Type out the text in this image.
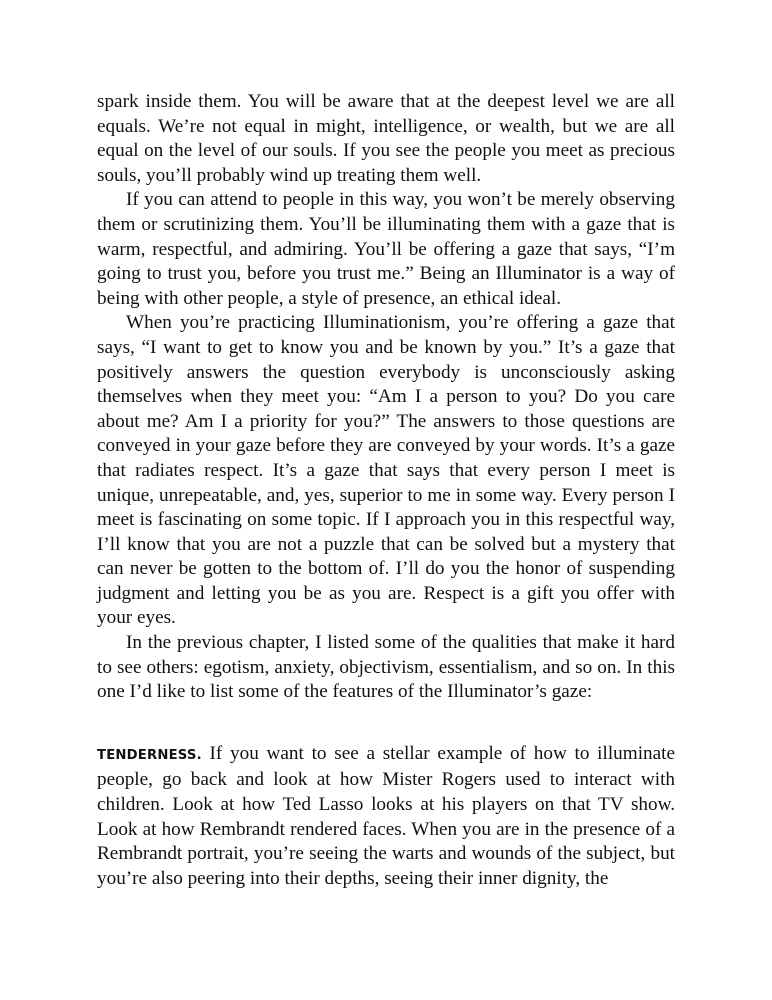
spark inside them. You will be aware that at the deepest level we are all equals. We’re not equal in might, intelligence, or wealth, but we are all equal on the level of our souls. If you see the people you meet as precious souls, you’ll probably wind up treating them well.

If you can attend to people in this way, you won’t be merely observing them or scrutinizing them. You’ll be illuminating them with a gaze that is warm, respectful, and admiring. You’ll be offering a gaze that says, “I’m going to trust you, before you trust me.” Being an Illuminator is a way of being with other people, a style of presence, an ethical ideal.

When you’re practicing Illuminationism, you’re offering a gaze that says, “I want to get to know you and be known by you.” It’s a gaze that positively answers the question everybody is unconsciously asking themselves when they meet you: “Am I a person to you? Do you care about me? Am I a priority for you?” The answers to those questions are conveyed in your gaze before they are conveyed by your words. It’s a gaze that radiates respect. It’s a gaze that says that every person I meet is unique, unrepeatable, and, yes, superior to me in some way. Every person I meet is fascinating on some topic. If I approach you in this respectful way, I’ll know that you are not a puzzle that can be solved but a mystery that can never be gotten to the bottom of. I’ll do you the honor of suspending judgment and letting you be as you are. Respect is a gift you offer with your eyes.

In the previous chapter, I listed some of the qualities that make it hard to see others: egotism, anxiety, objectivism, essentialism, and so on. In this one I’d like to list some of the features of the Illuminator’s gaze:

TENDERNESS. If you want to see a stellar example of how to illuminate people, go back and look at how Mister Rogers used to interact with children. Look at how Ted Lasso looks at his players on that TV show. Look at how Rembrandt rendered faces. When you are in the presence of a Rembrandt portrait, you’re seeing the warts and wounds of the subject, but you’re also peering into their depths, seeing their inner dignity, the
